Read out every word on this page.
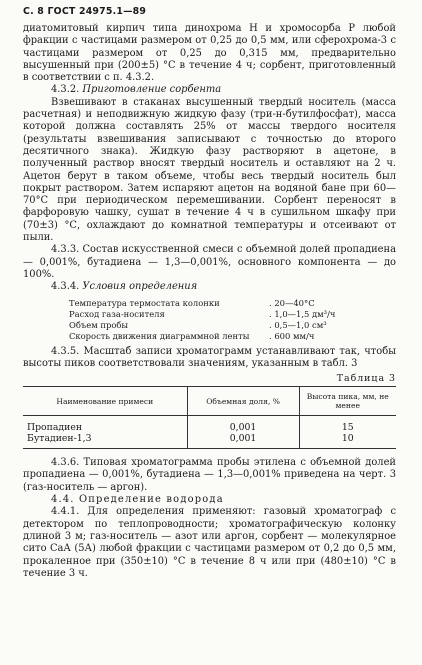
С. 8 ГОСТ 24975.1—89

диатомитовый кирпич типа динохрома Н и хромосорба Р любой фракции с частицами размером от 0,25 до 0,5 мм, или сферохрома-3 с частицами размером от 0,25 до 0,315 мм, предварительно высушенный при (200±5) °С в течение 4 ч; сорбент, приготовленный в соответствии с п. 4.3.2.

4.3.2. Приготовление сорбента

Взвешивают в стаканах высушенный твердый носитель (масса расчетная) и неподвижную жидкую фазу (три-н-бутилфосфат), масса которой должна составлять 25% от массы твердого носителя (результаты взвешивания записывают с точностью до второго десятичного знака). Жидкую фазу растворяют в ацетоне, в полученный раствор вносят твердый носитель и оставляют на 2 ч. Ацетон берут в таком объеме, чтобы весь твердый носитель был покрыт раствором. Затем испаряют ацетон на водяной бане при 60—70°С при периодическом перемешивании. Сорбент переносят в фарфоровую чашку, сушат в течение 4 ч в сушильном шкафу при (70±3) °С, охлаждают до комнатной температуры и отсеивают от пыли.

4.3.3. Состав искусственной смеси с объемной долей пропадиена — 0,001%, бутадиена — 1,3—0,001%, основного компонента — до 100%.

4.3.4. Условия определения

Температура термостата колонки	. 20—40°С
Расход газа-носителя	. 1,0—1,5 дм³/ч
Объем пробы	. 0,5—1,0 см³
Скорость движения диаграммной ленты	. 600 мм/ч

4.3.5. Масштаб записи хроматограмм устанавливают так, чтобы высоты пиков соответствовали значениям, указанным в табл. 3

Таблица 3
Наименование примеси	Объемная доля, %	Высота пика, мм, не менее
Пропадиен	0,001	15
Бутадиен-1,3	0,001	10

4.3.6. Типовая хроматограмма пробы этилена с объемной долей пропадиена — 0,001%, бутадиена — 1,3—0,001% приведена на черт. 3 (газ-носитель — аргон).

4.4. Определение водорода

4.4.1. Для определения применяют: газовый хроматограф с детектором по теплопроводности; хроматографическую колонку длиной 3 м; газ-носитель — азот или аргон, сорбент — молекулярное сито СаА (5А) любой фракции с частицами размером от 0,2 до 0,5 мм, прокаленное при (350±10) °С в течение 8 ч или при (480±10) °С в течение 3 ч.
